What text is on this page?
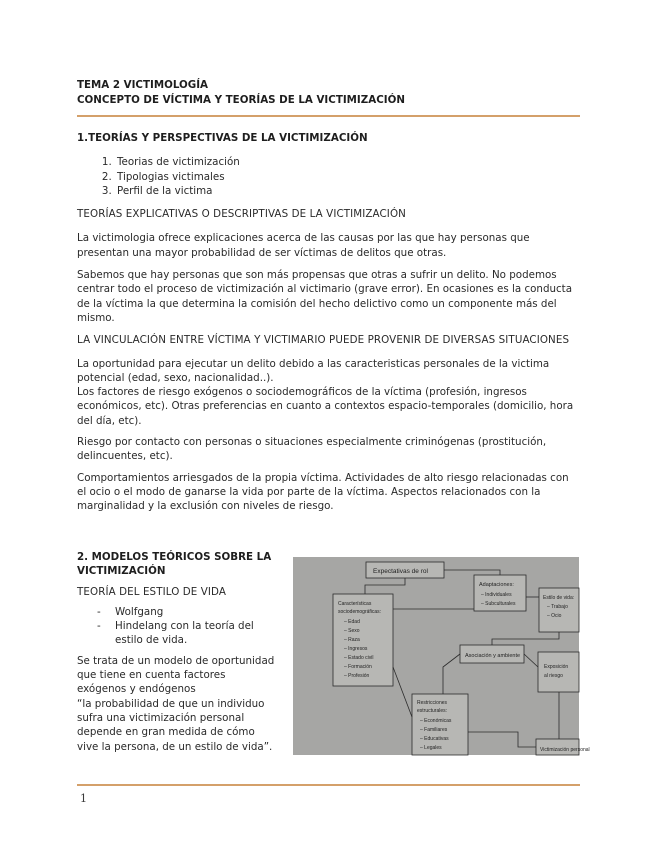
TEMA 2 VICTIMOLOGÍA
CONCEPTO DE VÍCTIMA Y TEORÍAS DE LA VICTIMIZACIÓN
1.TEORÍAS Y PERSPECTIVAS DE LA VICTIMIZACIÓN
1. Teorias de victimización
2. Tipologias victimales
3. Perfil de la victima

TEORÍAS EXPLICATIVAS O DESCRIPTIVAS DE LA VICTIMIZACIÓN

La victimologia ofrece explicaciones acerca de las causas por las que hay personas que presentan una mayor probabilidad de ser víctimas de delitos que otras.

Sabemos que hay personas que son más propensas que otras a sufrir un delito. No podemos centrar todo el proceso de victimización al victimario (grave error). En ocasiones es la conducta de la víctima la que determina la comisión del hecho delictivo como un componente más del mismo.

LA VINCULACIÓN ENTRE VÍCTIMA Y VICTIMARIO PUEDE PROVENIR DE DIVERSAS SITUACIONES

La oportunidad para ejecutar un delito debido a las caracteristicas personales de la victima potencial (edad, sexo, nacionalidad..).

Los factores de riesgo exógenos o sociodemográficos de la víctima (profesión, ingresos económicos, etc). Otras preferencias en cuanto a contextos espacio-temporales (domicilio, hora del día, etc).

Riesgo por contacto con personas o situaciones especialmente criminógenas (prostitución, delincuentes, etc).

Comportamientos arriesgados de la propia víctima. Actividades de alto riesgo relacionadas con el ocio o el modo de ganarse la vida por parte de la víctima. Aspectos relacionados con la marginalidad y la exclusión con niveles de riesgo.

2. MODELOS TEÓRICOS SOBRE LA
VICTIMIZACIÓN

TEORÍA DEL ESTILO DE VIDA

- Wolfgang
- Hindelang con la teoría del
estilo de vida.
Se trata de un modelo de oportunidad
que tiene en cuenta factores
exógenos y endógenos
“la probabilidad de que un individuo
sufra una victimización personal
depende en gran medida de cómo
vive la persona, de un estilo de vida”.
Expectativas de rol
Adaptaciones:
– Individuales
– Subculturales
Características
sociodemográficas:
– Edad
– Sexo
– Raza
– Ingresos
– Estado civil
– Formación
– Profesión
Estilo de vida:
– Trabajo
– Ocio
Asociación y ambiente
Exposición
al riesgo
Restricciones
estructurales:
– Económicas
– Familiares
– Educativas
– Legales	Victimización personal
1
